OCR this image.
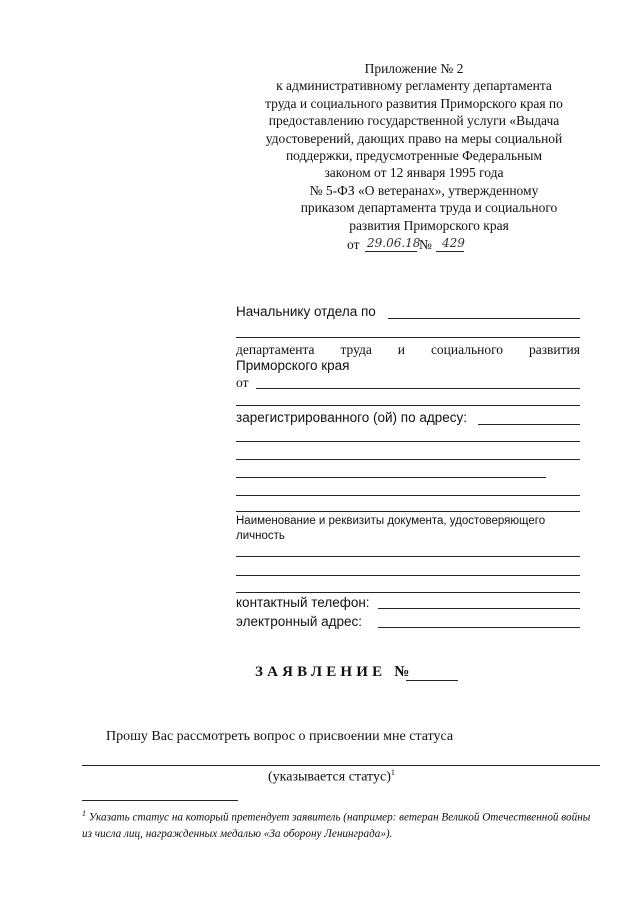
Приложение № 2
к административному регламенту департамента
труда и социального развития Приморского края по
предоставлению государственной услуги «Выдача
удостоверений, дающих право на меры социальной
поддержки, предусмотренные Федеральным
законом от 12 января 1995 года
№ 5-ФЗ «О ветеранах», утвержденному
приказом департамента труда и социального
развития Приморского края
от 29.06.18
№ 429
Начальнику отдела по
департамента труда и социального развития
Приморского края
от
зарегистрированного (ой) по адресу:
Наименование и реквизиты документа, удостоверяющего
личность
контактный телефон:
электронный адрес:
ЗАЯВЛЕНИЕ №
Прошу Вас рассмотреть вопрос о присвоении мне статуса
(указывается статус)$^1$
$^1$ Указать статус на который претендует заявитель (например: ветеран Великой Отечественной войны из числа лиц, награжденных медалью «За оборону Ленинграда»).
